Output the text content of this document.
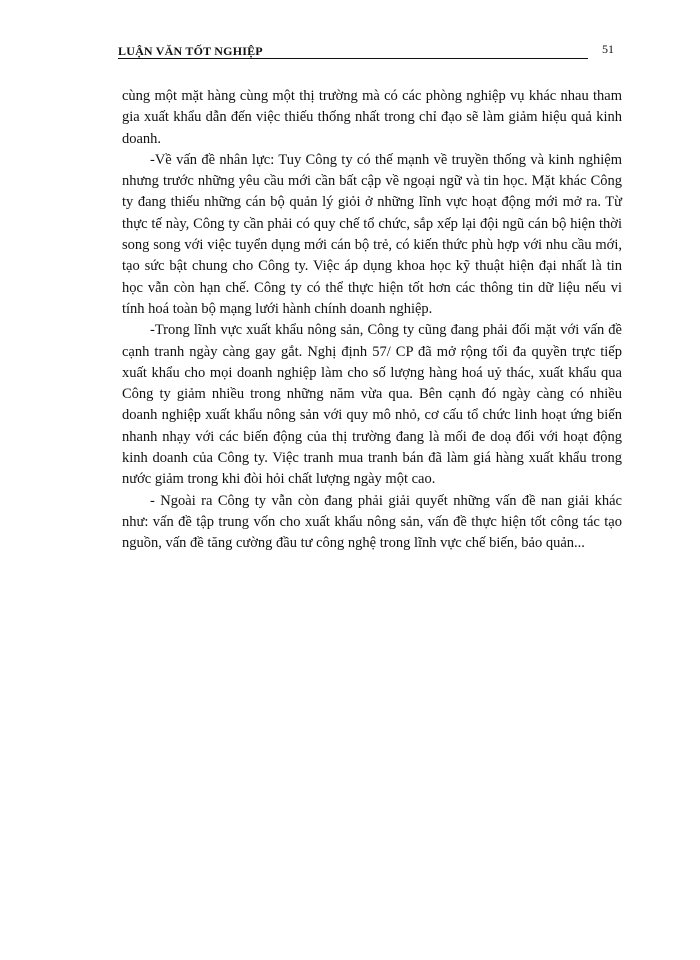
LUẬN VĂN TỐT NGHIỆP	51

cùng một mặt hàng cùng một thị trường mà có các phòng nghiệp vụ khác nhau tham gia xuất khẩu dẫn đến việc thiếu thống nhất trong chỉ đạo sẽ làm giảm hiệu quả kinh doanh.

-Về vấn đề nhân lực: Tuy Công ty có thế mạnh về truyền thống và kinh nghiệm nhưng trước những yêu cầu mới cần bất cập về ngoại ngữ và tin học. Mặt khác Công ty đang thiếu những cán bộ quản lý giỏi ở những lĩnh vực hoạt động mới mở ra. Từ thực tế này, Công ty cần phải có quy chế tổ chức, sắp xếp lại đội ngũ cán bộ hiện thời song song với việc tuyển dụng mới cán bộ trẻ, có kiến thức phù hợp với nhu cầu mới, tạo sức bật chung cho Công ty. Việc áp dụng khoa học kỹ thuật hiện đại nhất là tin học vẫn còn hạn chế. Công ty có thể thực hiện tốt hơn các thông tin dữ liệu nếu vi tính hoá toàn bộ mạng lưới hành chính doanh nghiệp.

-Trong lĩnh vực xuất khẩu nông sản, Công ty cũng đang phải đối mặt với vấn đề cạnh tranh ngày càng gay gắt. Nghị định 57/ CP đã mở rộng tối đa quyền trực tiếp xuất khẩu cho mọi doanh nghiệp làm cho số lượng hàng hoá uỷ thác, xuất khẩu qua Công ty giảm nhiều trong những năm vừa qua. Bên cạnh đó ngày càng có nhiều doanh nghiệp xuất khẩu nông sản với quy mô nhỏ, cơ cấu tổ chức linh hoạt ứng biến nhanh nhạy với các biến động của thị trường đang là mối đe doạ đối với hoạt động kinh doanh của Công ty. Việc tranh mua tranh bán đã làm giá hàng xuất khẩu trong nước giảm trong khi đòi hỏi chất lượng ngày một cao.

- Ngoài ra Công ty vẫn còn đang phải giải quyết những vấn đề nan giải khác như: vấn đề tập trung vốn cho xuất khẩu nông sản, vấn đề thực hiện tốt công tác tạo nguồn, vấn đề tăng cường đầu tư công nghệ trong lĩnh vực chế biến, bảo quản...
